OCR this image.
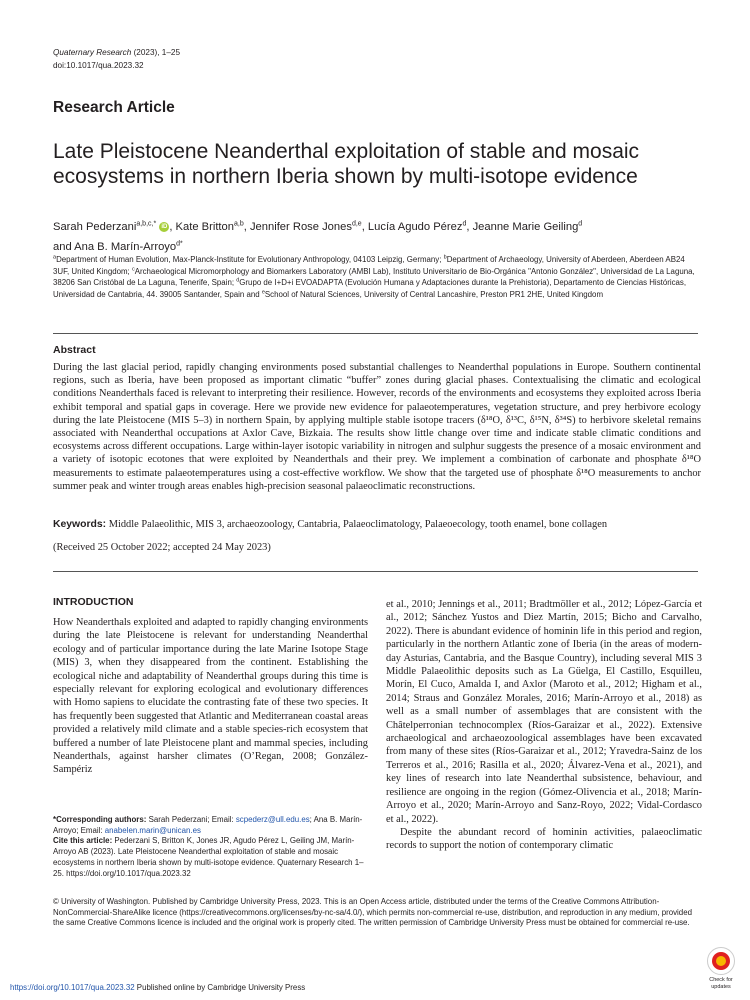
Quaternary Research (2023), 1–25
doi:10.1017/qua.2023.32
Research Article
Late Pleistocene Neanderthal exploitation of stable and mosaic ecosystems in northern Iberia shown by multi-isotope evidence
Sarah Pederzani$^{a,b,c,*}$ iD , Kate Britton$^{a,b}$, Jennifer Rose Jones$^{d,e}$, Lucía Agudo Pérez$^d$, Jeanne Marie Geiling$^d$
and Ana B. Marín-Arroyo$^{d*}$
$^a$Department of Human Evolution, Max-Planck-Institute for Evolutionary Anthropology, 04103 Leipzig, Germany; $^b$Department of Archaeology, University of Aberdeen, Aberdeen AB24 3UF, United Kingdom; $^c$Archaeological Micromorphology and Biomarkers Laboratory (AMBI Lab), Instituto Universitario de Bio-Orgánica "Antonio González", Universidad de La Laguna, 38206 San Cristóbal de La Laguna, Tenerife, Spain; $^d$Grupo de I+D+i EVOADAPTA (Evolución Humana y Adaptaciones durante la Prehistoria), Departamento de Ciencias Históricas, Universidad de Cantabria, 44. 39005 Santander, Spain and $^e$School of Natural Sciences, University of Central Lancashire, Preston PR1 2HE, United Kingdom
Abstract
During the last glacial period, rapidly changing environments posed substantial challenges to Neanderthal populations in Europe. Southern continental regions, such as Iberia, have been proposed as important climatic “buffer” zones during glacial phases. Contextualising the climatic and ecological conditions Neanderthals faced is relevant to interpreting their resilience. However, records of the environments and ecosystems they exploited across Iberia exhibit temporal and spatial gaps in coverage. Here we provide new evidence for palaeotemperatures, vegetation structure, and prey herbivore ecology during the late Pleistocene (MIS 5–3) in northern Spain, by applying multiple stable isotope tracers (δ¹⁸O, δ¹³C, δ¹⁵N, δ³⁴S) to herbivore skeletal remains associated with Neanderthal occupations at Axlor Cave, Bizkaia. The results show little change over time and indicate stable climatic conditions and ecosystems across different occupations. Large within-layer isotopic variability in nitrogen and sulphur suggests the presence of a mosaic environment and a variety of isotopic ecotones that were exploited by Neanderthals and their prey. We implement a combination of carbonate and phosphate δ¹⁸O measurements to estimate palaeotemperatures using a cost-effective workflow. We show that the targeted use of phosphate δ¹⁸O measurements to anchor summer peak and winter trough areas enables high-precision seasonal palaeoclimatic reconstructions.
Keywords: Middle Palaeolithic, MIS 3, archaeozoology, Cantabria, Palaeoclimatology, Palaeoecology, tooth enamel, bone collagen
(Received 25 October 2022; accepted 24 May 2023)
INTRODUCTION
How Neanderthals exploited and adapted to rapidly changing environments during the late Pleistocene is relevant for understanding Neanderthal ecology and of particular importance during the late Marine Isotope Stage (MIS) 3, when they disappeared from the continent. Establishing the ecological niche and adaptability of Neanderthal groups during this time is especially relevant for exploring ecological and evolutionary differences with Homo sapiens to elucidate the contrasting fate of these two species. It has frequently been suggested that Atlantic and Mediterranean coastal areas provided a relatively mild climate and a stable species-rich ecosystem that buffered a number of late Pleistocene plant and mammal species, including Neanderthals, against harsher climates (O’Regan, 2008; González-Sampériz

et al., 2010; Jennings et al., 2011; Bradtmöller et al., 2012; López-García et al., 2012; Sánchez Yustos and Diez Martín, 2015; Bicho and Carvalho, 2022). There is abundant evidence of hominin life in this period and region, particularly in the northern Atlantic zone of Iberia (in the areas of modern-day Asturias, Cantabria, and the Basque Country), including several MIS 3 Middle Palaeolithic deposits such as La Güelga, El Castillo, Esquilleu, Morín, El Cuco, Amalda I, and Axlor (Maroto et al., 2012; Higham et al., 2014; Straus and González Morales, 2016; Marín-Arroyo et al., 2018) as well as a small number of assemblages that are consistent with the Châtelperronian technocomplex (Ríos-Garaizar et al., 2022). Extensive archaeological and archaeozoological assemblages have been excavated from many of these sites (Ríos-Garaizar et al., 2012; Yravedra-Sainz de los Terreros et al., 2016; Rasilla et al., 2020; Álvarez-Vena et al., 2021), and key lines of research into late Neanderthal subsistence, behaviour, and resilience are ongoing in the region (Gómez-Olivencia et al., 2018; Marín-Arroyo et al., 2020; Marín-Arroyo and Sanz-Royo, 2022; Vidal-Cordasco et al., 2022).

Despite the abundant record of hominin activities, palaeoclimatic records to support the notion of contemporary climatic

*Corresponding authors: Sarah Pederzani; Email: scpederz@ull.edu.es; Ana B. Marín-Arroyo; Email: anabelen.marin@unican.es

Cite this article: Pederzani S, Britton K, Jones JR, Agudo Pérez L, Geiling JM, Marín-Arroyo AB (2023). Late Pleistocene Neanderthal exploitation of stable and mosaic ecosystems in northern Iberia shown by multi-isotope evidence. Quaternary Research 1–25. https://doi.org/10.1017/qua.2023.32

© University of Washington. Published by Cambridge University Press, 2023. This is an Open Access article, distributed under the terms of the Creative Commons Attribution-NonCommercial-ShareAlike licence (https://creativecommons.org/licenses/by-nc-sa/4.0/), which permits non-commercial re-use, distribution, and reproduction in any medium, provided the same Creative Commons licence is included and the original work is properly cited. The written permission of Cambridge University Press must be obtained for commercial re-use.
https://doi.org/10.1017/qua.2023.32 Published online by Cambridge University Press
Check for
updates
